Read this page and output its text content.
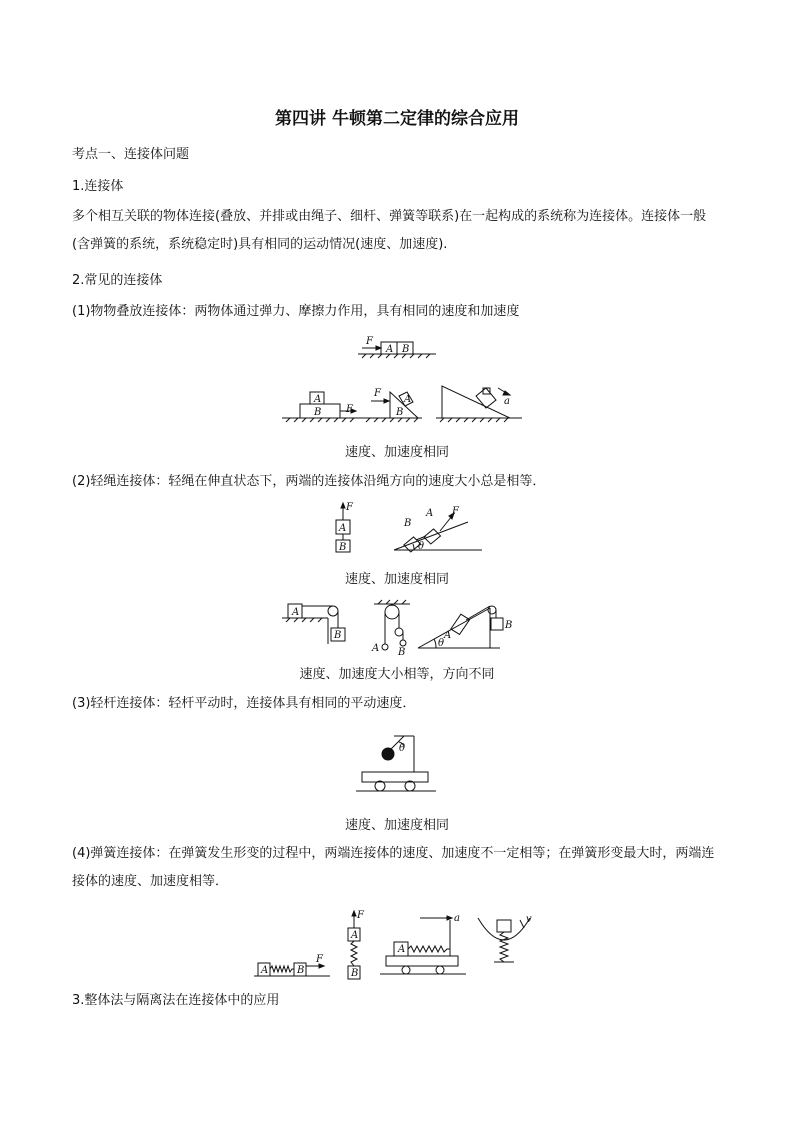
第四讲 牛顿第二定律的综合应用
考点一、连接体问题
1.连接体
多个相互关联的物体连接(叠放、并排或由绳子、细杆、弹簧等联系)在一起构成的系统称为连接体。连接体一般(含弹簧的系统，系统稳定时)具有相同的运动情况(速度、加速度).
2.常见的连接体
(1)物物叠放连接体：两物体通过弹力、摩擦力作用，具有相同的速度和加速度
F
A B
A
B F
F
A
B
a
速度、加速度相同
(2)轻绳连接体：轻绳在伸直状态下，两端的连接体沿绳方向的速度大小总是相等．
F
A
B
B
A F
θ
速度、加速度相同
A
B
A B
A
B
θ
速度、加速度大小相等，方向不同
(3)轻杆连接体：轻杆平动时，连接体具有相同的平动速度．
θ
速度、加速度相同
(4)弹簧连接体：在弹簧发生形变的过程中，两端连接体的速度、加速度不一定相等；在弹簧形变最大时，两端连接体的速度、加速度相等．
A	B
F
F
A
B
a
A
v
3.整体法与隔离法在连接体中的应用
